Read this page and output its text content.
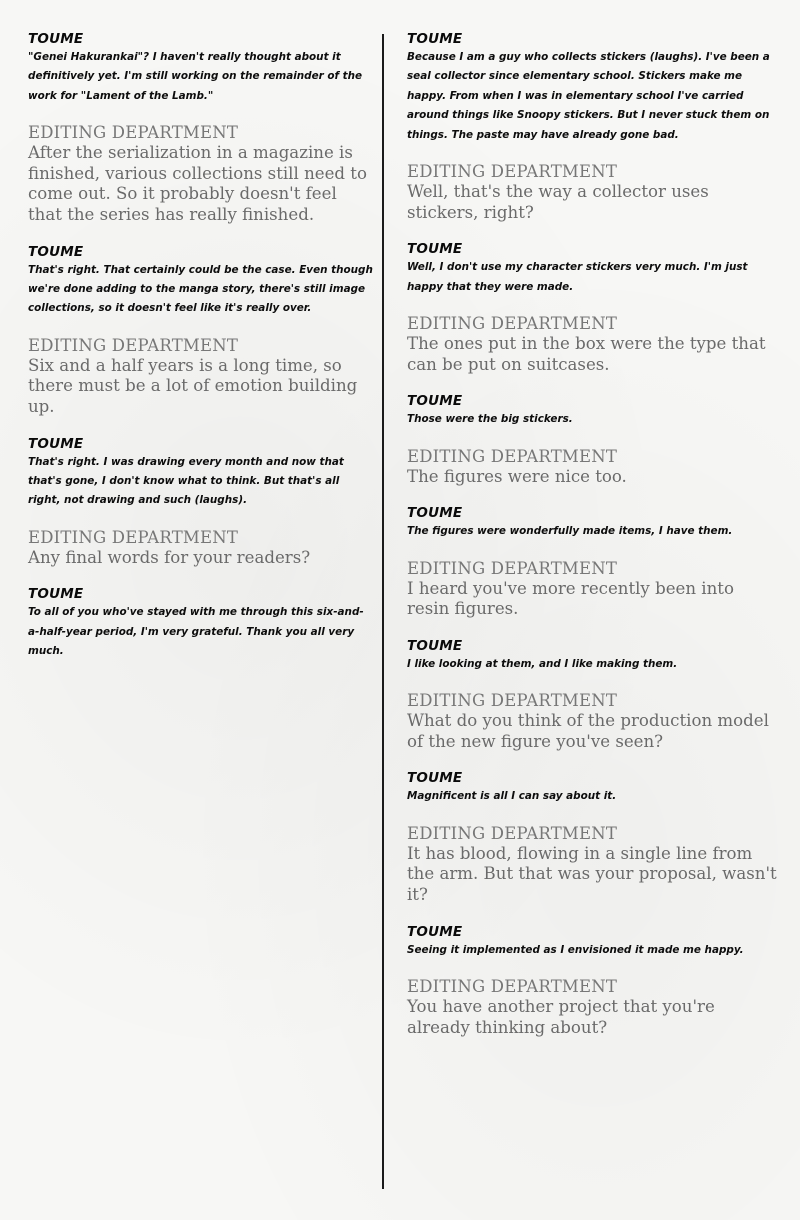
TOUME
"Genei Hakurankai"? I haven't really thought about it definitively yet. I'm still working on the remainder of the work for "Lament of the Lamb."
EDITING DEPARTMENT
After the serialization in a magazine is finished, various collections still need to come out. So it probably doesn't feel that the series has really finished.
TOUME
That's right. That certainly could be the case. Even though we're done adding to the manga story, there's still image collections, so it doesn't feel like it's really over.
EDITING DEPARTMENT
Six and a half years is a long time, so there must be a lot of emotion building up.
TOUME
That's right. I was drawing every month and now that that's gone, I don't know what to think. But that's all right, not drawing and such (laughs).
EDITING DEPARTMENT
Any final words for your readers?
TOUME
To all of you who've stayed with me through this six-and-a-half-year period, I'm very grateful. Thank you all very much.
TOUME
Because I am a guy who collects stickers (laughs). I've been a seal collector since elementary school. Stickers make me happy. From when I was in elementary school I've carried around things like Snoopy stickers. But I never stuck them on things. The paste may have already gone bad.
EDITING DEPARTMENT
Well, that's the way a collector uses stickers, right?
TOUME
Well, I don't use my character stickers very much. I'm just happy that they were made.
EDITING DEPARTMENT
The ones put in the box were the type that can be put on suitcases.
TOUME
Those were the big stickers.
EDITING DEPARTMENT
The figures were nice too.
TOUME
The figures were wonderfully made items, I have them.
EDITING DEPARTMENT
I heard you've more recently been into resin figures.
TOUME
I like looking at them, and I like making them.
EDITING DEPARTMENT
What do you think of the production model of the new figure you've seen?
TOUME
Magnificent is all I can say about it.
EDITING DEPARTMENT
It has blood, flowing in a single line from the arm. But that was your proposal, wasn't it?
TOUME
Seeing it implemented as I envisioned it made me happy.
EDITING DEPARTMENT
You have another project that you're already thinking about?
